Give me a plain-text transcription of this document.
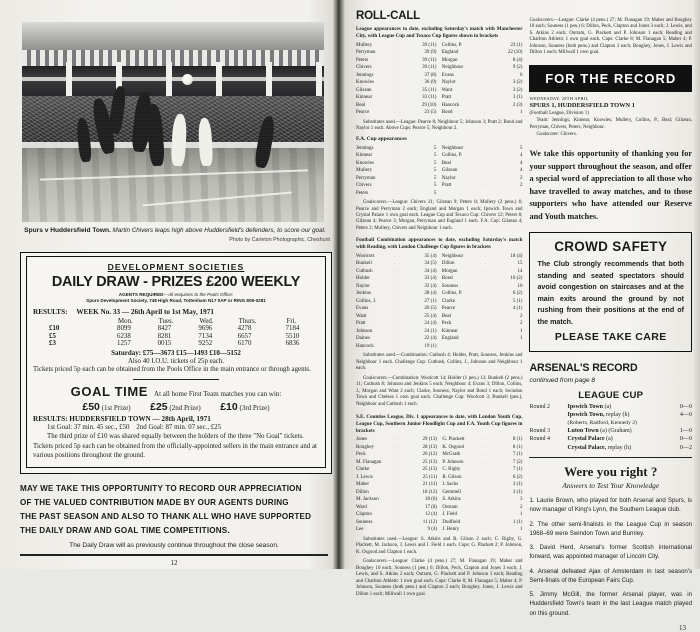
Spurs v Huddersfield Town. Martin Chivers leaps high above Huddersfield's defenders, to score our goal.
Photo by Carleton Photographic, Cheshunt
DEVELOPMENT SOCIETIES
DAILY DRAW - PRIZES £200 WEEKLY
AGENTS REQUIRED—All enquiries to the Pools Office:
Spurs Development Society, 748 High Road, Tottenham N17 0AP or RING 808-0281
RESULTS: WEEK No. 33 — 26th April to 1st May, 1971
		Mon.	Tues.	Wed.	Thurs.	Fri.
£10	. . .	8099	8427	9696	4278	7184
£5	. . .	6238	8281	7134	6657	5510
£3	. . .	1257	0015	9252	6170	6836
Saturday: £75—3673 £15—1493 £10—5152
Also 40 I.O.U. tickets of 25p each.
Tickets priced 5p each can be obtained from the Pools Office in the main entrance or through agents.
GOAL TIME At all home First Team matches you can win:
£50 (1st Prize) £25 (2nd Prize) £10 (3rd Prize)
RESULTS: HUDDERSFIELD TOWN — 28th April, 1971
1st Goal: 37 min. 45 sec., £50 2nd Goal: 87 min. 07 sec., £25
The third prize of £10 was shared equally between the holders of the three "No Goal" tickets.
Tickets priced 5p each can be obtained from the officially-appointed sellers in the main entrance and at various positions throughout the ground.
MAY WE TAKE THIS OPPORTUNITY TO RECORD OUR APPRECIATION
OF THE VALUED CONTRIBUTION MADE BY OUR AGENTS DURING
THE PAST SEASON AND ALSO TO THANK ALL WHO HAVE SUPPORTED
THE DAILY DRAW AND GOAL TIME COMPETITIONS.
The Daily Draw will as previously continue throughout the close season.
12
ROLL-CALL
League appearances to date, excluding Saturday's match with Manchester City, with League Cup and Texaco Cup figures shown in brackets
Mullery	. .	39 (11)		Collins, P.	. .	23 (1)
Perryman	. .	39 (9)		England	. .	22 (10)
Peters	. .	39 (11)		Morgan	. .	8 (4)
Chivers	. .	39 (11)		Neighbour	. .	9 (2)
Jennings	. .	37 (8)		Evans	. .	6
Knowles	. .	36 (9)		Naylor	. .	3 (2)
Gilzean	. .	35 (11)		Want	. .	3 (2)
Kinnear	. .	33 (11)		Pratt	. .	3 (1)
Beal	. .	29 (10)		Hancock	. .	2 (3)
Pearce	. .	23 (5)		Bond	. .	1
Substitutes used.—League: Pearce 8; Neighbour 5; Johnson 3; Pratt 2; Bond and Naylor 1 each. Above Cups: Pearce 5; Neighbour 2.
F.A. Cup appearances
Jennings	. . .	5		Neighbour	. . .	5
Kinnear	. . .	5		Collins, P.	. . .	4
Knowles	. . .	5		Beal	. . .	4
Mullery	. . .	5		Gilzean	. . .	4
Perryman	. . .	5		Naylor	. . .	2
Chivers	. . .	5		Pratt	. . .	2
Peters	. . .	5				
Goalscorers.—League: Chivers 21; Gilzean 9; Peters 8; Mullery (2 pens.) 6; Pearce and Perryman 2 each; England and Morgan 1 each; Ipswich Town and Crystal Palace 1 own goal each. League Cup and Texaco Cup: Chivers 12; Peters 8; Gilzean 4; Pearce 3; Morgan, Perryman and England 1 each. F.A. Cup: Gilzean 4; Peters 2; Mullery, Chivers and Neighbour 1 each.
Football Combination appearances to date, excluding Saturday's match with Reading, with London Challenge Cup figures in brackets
Woolcott	. .	35 (4)		Neighbour	. .	18 (4)
Bunkell	. .	34 (5)		Dillon	. .	15
Cutbush	. .	34 (4)		Morgan	. .	14
Holder	. .	33 (4)		Bond	. .	10 (2)
Naylor	. .	32 (4)		Souness	. .	10
Jenkins	. .	28 (4)		Collins, P.	. .	6 (2)
Collins, J.	. .	27 (1)		Clarke	. .	5 (1)
Evans	. .	26 (5)		Pearce	. .	4 (1)
Want	. .	25 (4)		Beal	. .	2
Pratt	. .	24 (4)		Peck	. .	2
Johnson	. .	24 (1)		Kinnear	. .	1
Daines	. .	22 (4)		England	. .	1
Hancock	. .	19 (1)				
Substitutes used.—Combination: Cutbush 4; Holder, Pratt, Souness, Jenkins and Neighbour 1 each. Challenge Cup: Cutbush, Collins, J., Johnson and Neighbour 1 each.
Goalscorers.—Combination: Woolcott 14; Holder (1 pen.) 13; Bunkell (2 pens.) 11; Cutbush 8; Johnson and Jenkins 5 each; Neighbour 4; Evans 3; Dillon, Collins, J., Morgan and Want 2 each; Clarke, Souness, Naylor and Bond 1 each; Swindon Town and Chelsea 1 own goal each. Challenge Cup: Woolcott 3; Bunkell (pen.), Neighbour and Cutbush 1 each.
S.E. Counties League, Div. 1 appearances to date, with London Youth Cup, League Cup, Southern Junior Floodlight Cup and F.A. Youth Cup figures in brackets
Jones	. .	29 (13)		G. Plackett	. .	8 (1)
Boughey	. .	28 (13)		K. Osgood	. .	8 (1)
Peck	. .	26 (12)		McGrath	. .	7 (1)
M. Flanagan	. .	25 (13)		P. Johnson	. .	7 (2)
Clarke	. .	25 (13)		C. Rigby	. .	7 (1)
J. Lewis	. .	25 (11)		R. Gilson	. .	6 (2)
Maber	. .	21 (11)		I. Sachs	. .	3 (1)
Dillon	. .	18 (12)		Gemmell	. .	3 (1)
M. Jackson	. .	18 (6)		S. Atkins	. .	3
Ward	. .	17 (8)		Outram	. .	2
Clapton	. .	12 (4)		J. Field	. .	1
Souness	. .	11 (12)		Dudfield	. .	1 (1)
Lee	. .	9 (4)		J. Henry	. .	1
Substitutes used.—League: S. Atkins and R. Gilson 2 each; C. Rigby, G. Plackett, M. Jackson, J. Lewis and J. Field 1 each. Cups: G. Plackett 2; P. Johnson, K. Osgood and Clapton 1 each.
Goalscorers.—League: Clarke (4 pens.) 27; M. Flanagan 19; Maber and Boughey 10 each; Souness (1 pen.) 6; Dillon, Peck, Clapton and Jones 3 each; J. Lewis, and S. Atkins 2 each; Outram, G. Plackett and P. Johnson 1 each; Reading and Charlton Athletic 1 own goal each. Cups: Clarke 8; M. Flanagan 5; Maber 4; P. Johnson, Souness (both pens.) and Clapton 2 each; Boughey, Jones, J. Lewis and Dillon 1 each; Millwall 1 own goal.
Goalscorers.—League: Clarke (4 pens.) 27; M. Flanagan 19; Maber and Boughey 10 each; Souness (1 pen.) 6; Dillon, Peck, Clapton and Jones 3 each; J. Lewis, and S. Atkins 2 each; Outram, G. Plackett and P. Johnson 1 each; Reading and Charlton Athletic 1 own goal each. Cups: Clarke 8; M. Flanagan 5; Maber 4; P. Johnson, Souness (both pens.) and Clapton 2 each; Boughey, Jones, J. Lewis and Dillon 1 each; Millwall 1 own goal.
FOR THE RECORD
WEDNESDAY, 28TH APRIL
SPURS 1, HUDDERSFIELD TOWN 1
(Football League, Division 1)
Team: Jennings; Kinnear, Knowles; Mullery, Collins, P., Beal; Gilzean, Perryman, Chivers, Peters, Neighbour.
Goalscorer: Chivers.
We take this opportunity of thanking you for your support throughout the season, and offer a special word of appreciation to all those who have travelled to away matches, and to those supporters who have attended our Reserve and Youth matches.
CROWD SAFETY
The Club strongly recommends that both standing and seated spectators should avoid congestion on staircases and at the main exits around the ground by not rushing from their positions at the end of the match.
PLEASE TAKE CARE
ARSENAL'S RECORD
continued from page 8
LEAGUE CUP
Round 2	Ipswich Town (a)	0—0
	Ipswich Town, replay (h)	4—0
	(Roberts, Radford, Kennedy 2)	
Round 3	Luton Town (a) (Graham)	1—0
Round 4	Crystal Palace (a)	0—0
	Crystal Palace, replay (h)	0—2
Were you right ?
Answers to Test Your Knowledge
1. Laurie Brown, who played for both Arsenal and Spurs, is now manager of King's Lynn, the Southern League club.
2. The other semi-finalists in the League Cup in season 1968–69 were Swindon Town and Burnley.
3. David Herd, Arsenal's former Scottish international forward, was appointed manager of Lincoln City.
4. Arsenal defeated Ajax of Amsterdam in last season's Semi-finals of the European Fairs Cup.
5. Jimmy McGill, the former Arsenal player, was in Huddersfield Town's team in the last League match played on this ground.
13
